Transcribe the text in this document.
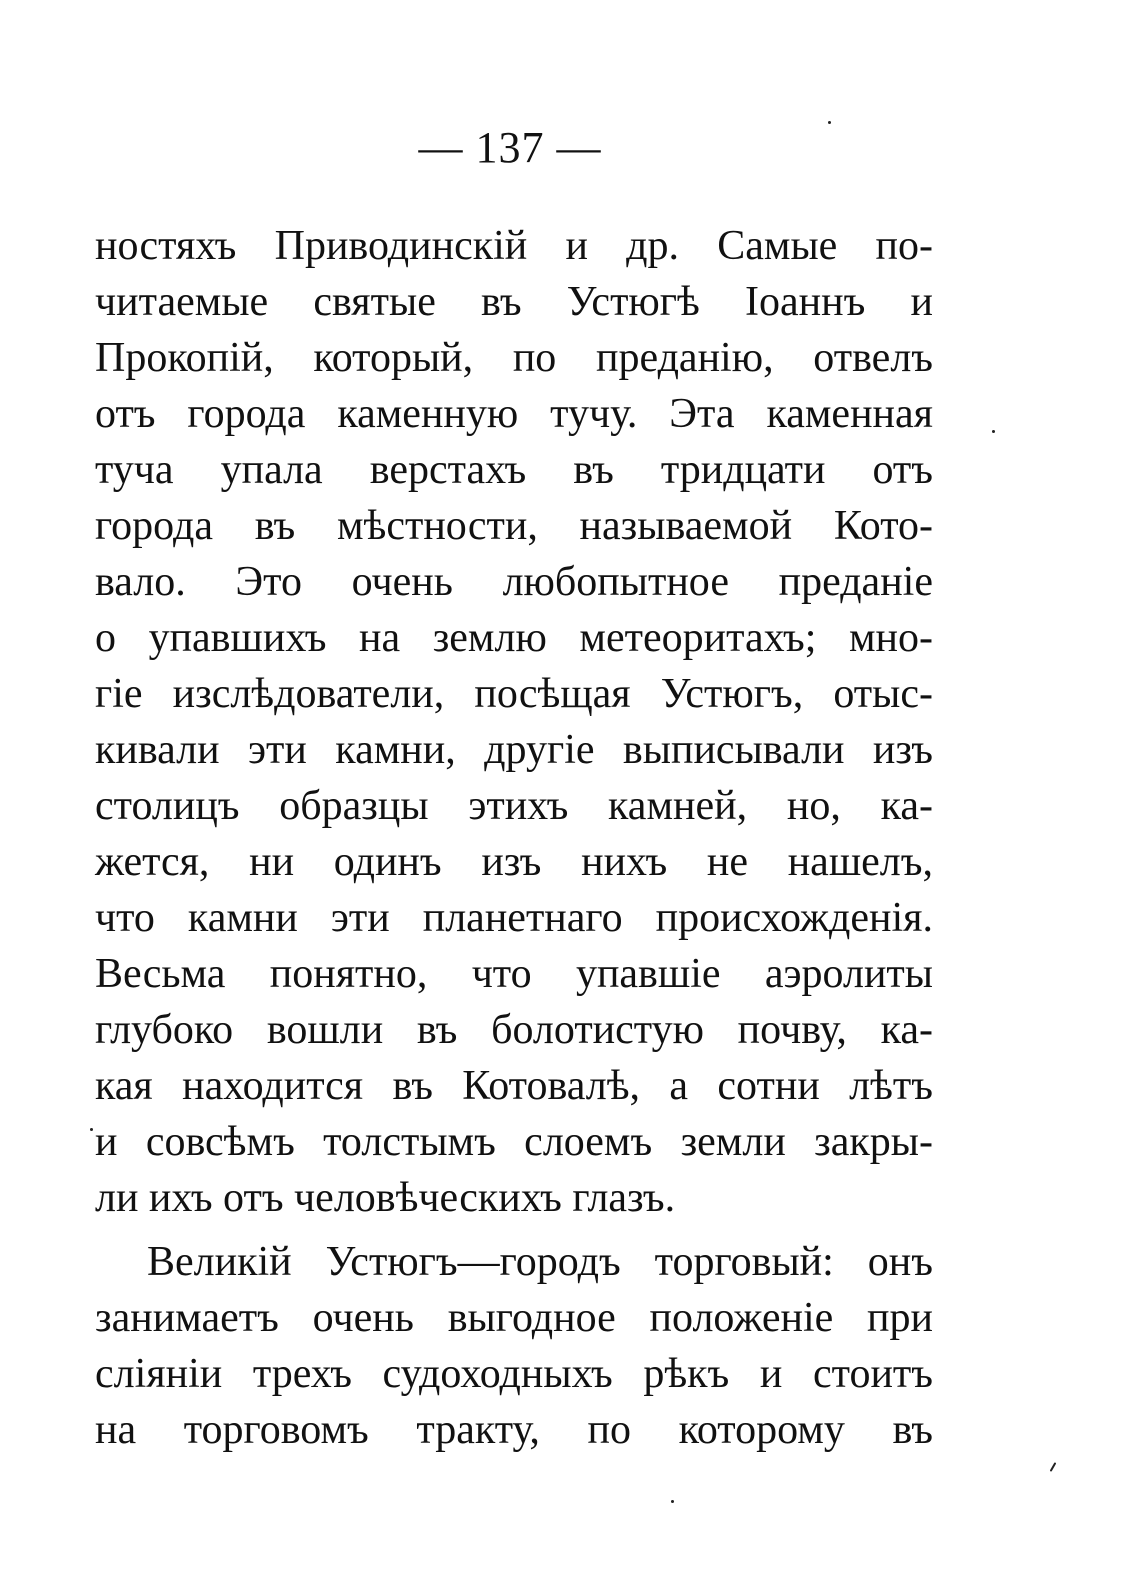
— 137 —
ностяхъ Приводинскій и др. Самые по-
читаемые святые въ Устюгѣ Іоаннъ и
Прокопій, который, по преданію, отвелъ
отъ города каменную тучу. Эта каменная
туча упала верстахъ въ тридцати отъ
города въ мѣстности, называемой Кото-
вало. Это очень любопытное преданіе
о упавшихъ на землю метеоритахъ; мно-
гіе изслѣдователи, посѣщая Устюгъ, отыс-
кивали эти камни, другіе выписывали изъ
столицъ образцы этихъ камней, но, ка-
жется, ни одинъ изъ нихъ не нашелъ,
что камни эти планетнаго происхожденія.
Весьма понятно, что упавшіе аэролиты
глубоко вошли въ болотистую почву, ка-
кая находится въ Котовалѣ, а сотни лѣтъ
и совсѣмъ толстымъ слоемъ земли закры-
ли ихъ отъ человѣческихъ глазъ.
Великій Устюгъ—городъ торговый: онъ
занимаетъ очень выгодное положеніе при
сліяніи трехъ судоходныхъ рѣкъ и стоитъ
на торговомъ тракту, по которому въ
